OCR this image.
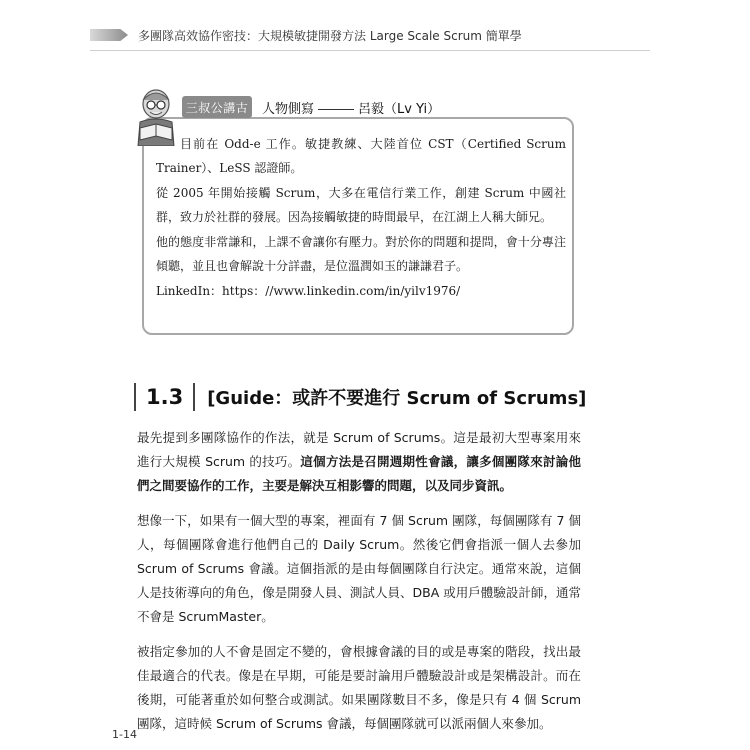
多團隊高效協作密技：大規模敏捷開發方法 Large Scale Scrum 簡單學
三叔公講古 人物側寫	呂毅（Lv Yi）

目前在 Odd-e 工作。敏捷教練、大陸首位 CST（Certified Scrum Trainer）、LeSS 認證師。

從 2005 年開始接觸 Scrum，大多在電信行業工作，創建 Scrum 中國社群，致力於社群的發展。因為接觸敏捷的時間最早，在江湖上人稱大師兄。

他的態度非常謙和，上課不會讓你有壓力。對於你的問題和提問，會十分專注傾聽，並且也會解說十分詳盡，是位溫潤如玉的謙謙君子。

LinkedIn：https：//www.linkedin.com/in/yilv1976/

1.3 [Guide：或許不要進行 Scrum of Scrums]

最先提到多團隊協作的作法，就是 Scrum of Scrums。這是最初大型專案用來進行大規模 Scrum 的技巧。這個方法是召開週期性會議，讓多個團隊來討論他們之間要協作的工作，主要是解決互相影響的問題，以及同步資訊。

想像一下，如果有一個大型的專案，裡面有 7 個 Scrum 團隊，每個團隊有 7 個人，每個團隊會進行他們自己的 Daily Scrum。然後它們會指派一個人去參加 Scrum of Scrums 會議。這個指派的是由每個團隊自行決定。通常來說，這個人是技術導向的角色，像是開發人員、測試人員、DBA 或用戶體驗設計師，通常不會是 ScrumMaster。

被指定參加的人不會是固定不變的，會根據會議的目的或是專案的階段，找出最佳最適合的代表。像是在早期，可能是要討論用戶體驗設計或是架構設計。而在後期，可能著重於如何整合或測試。如果團隊數目不多，像是只有 4 個 Scrum 團隊，這時候 Scrum of Scrums 會議，每個團隊就可以派兩個人來參加。

1-14
